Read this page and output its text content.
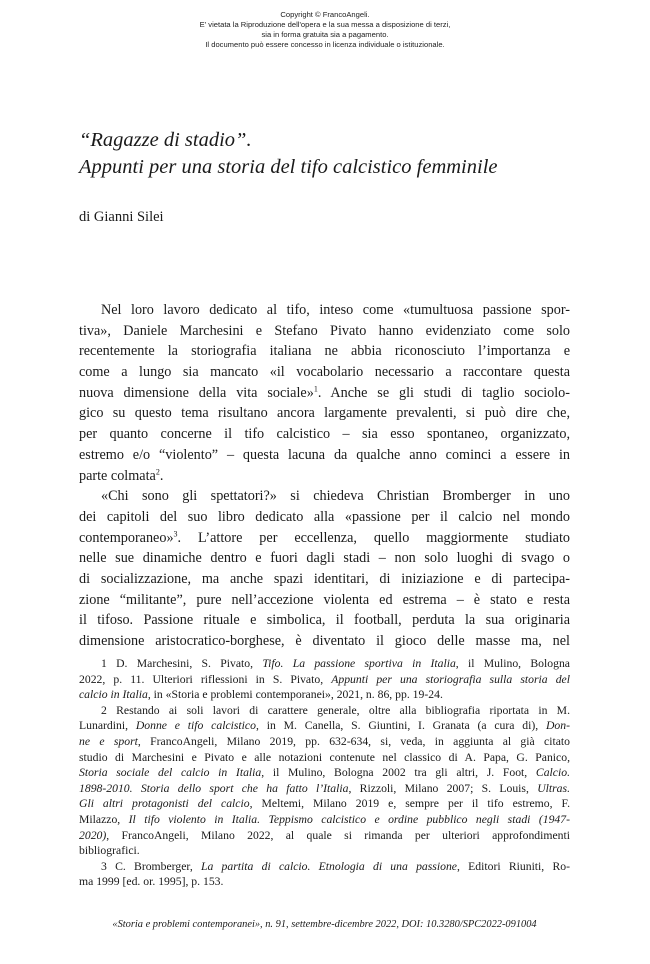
Copyright © FrancoAngeli.
E' vietata la Riproduzione dell'opera e la sua messa a disposizione di terzi,
sia in forma gratuita sia a pagamento.
Il documento può essere concesso in licenza individuale o istituzionale.
“Ragazze di stadio”.
Appunti per una storia del tifo calcistico femminile
di Gianni Silei
Nel loro lavoro dedicato al tifo, inteso come «tumultuosa passione spor-
tiva», Daniele Marchesini e Stefano Pivato hanno evidenziato come solo
recentemente la storiografia italiana ne abbia riconosciuto l’importanza e
come a lungo sia mancato «il vocabolario necessario a raccontare questa
nuova dimensione della vita sociale»$^1$. Anche se gli studi di taglio sociolo-
gico su questo tema risultano ancora largamente prevalenti, si può dire che,
per quanto concerne il tifo calcistico – sia esso spontaneo, organizzato,
estremo e/o “violento” – questa lacuna da qualche anno cominci a essere in
parte colmata$^2$.
«Chi sono gli spettatori?» si chiedeva Christian Bromberger in uno
dei capitoli del suo libro dedicato alla «passione per il calcio nel mondo
contemporaneo»$^3$. L’attore per eccellenza, quello maggiormente studiato
nelle sue dinamiche dentro e fuori dagli stadi – non solo luoghi di svago o
di socializzazione, ma anche spazi identitari, di iniziazione e di partecipa-
zione “militante”, pure nell’accezione violenta ed estrema – è stato e resta
il tifoso. Passione rituale e simbolica, il football, perduta la sua originaria
dimensione aristocratico-borghese, è diventato il gioco delle masse ma, nel
1 D. Marchesini, S. Pivato, Tifo. La passione sportiva in Italia, il Mulino, Bologna
2022, p. 11. Ulteriori riflessioni in S. Pivato, Appunti per una storiografia sulla storia del
calcio in Italia, in «Storia e problemi contemporanei», 2021, n. 86, pp. 19-24.
2 Restando ai soli lavori di carattere generale, oltre alla bibliografia riportata in M.
Lunardini, Donne e tifo calcistico, in M. Canella, S. Giuntini, I. Granata (a cura di), Don-
ne e sport, FrancoAngeli, Milano 2019, pp. 632-634, si, veda, in aggiunta al già citato
studio di Marchesini e Pivato e alle notazioni contenute nel classico di A. Papa, G. Panico,
Storia sociale del calcio in Italia, il Mulino, Bologna 2002 tra gli altri, J. Foot, Calcio.
1898-2010. Storia dello sport che ha fatto l’Italia, Rizzoli, Milano 2007; S. Louis, Ultras.
Gli altri protagonisti del calcio, Meltemi, Milano 2019 e, sempre per il tifo estremo, F.
Milazzo, Il tifo violento in Italia. Teppismo calcistico e ordine pubblico negli stadi (1947-
2020), FrancoAngeli, Milano 2022, al quale si rimanda per ulteriori approfondimenti
bibliografici.
3 C. Bromberger, La partita di calcio. Etnologia di una passione, Editori Riuniti, Ro-
ma 1999 [ed. or. 1995], p. 153.
«Storia e problemi contemporanei», n. 91, settembre-dicembre 2022, DOI: 10.3280/SPC2022-091004
